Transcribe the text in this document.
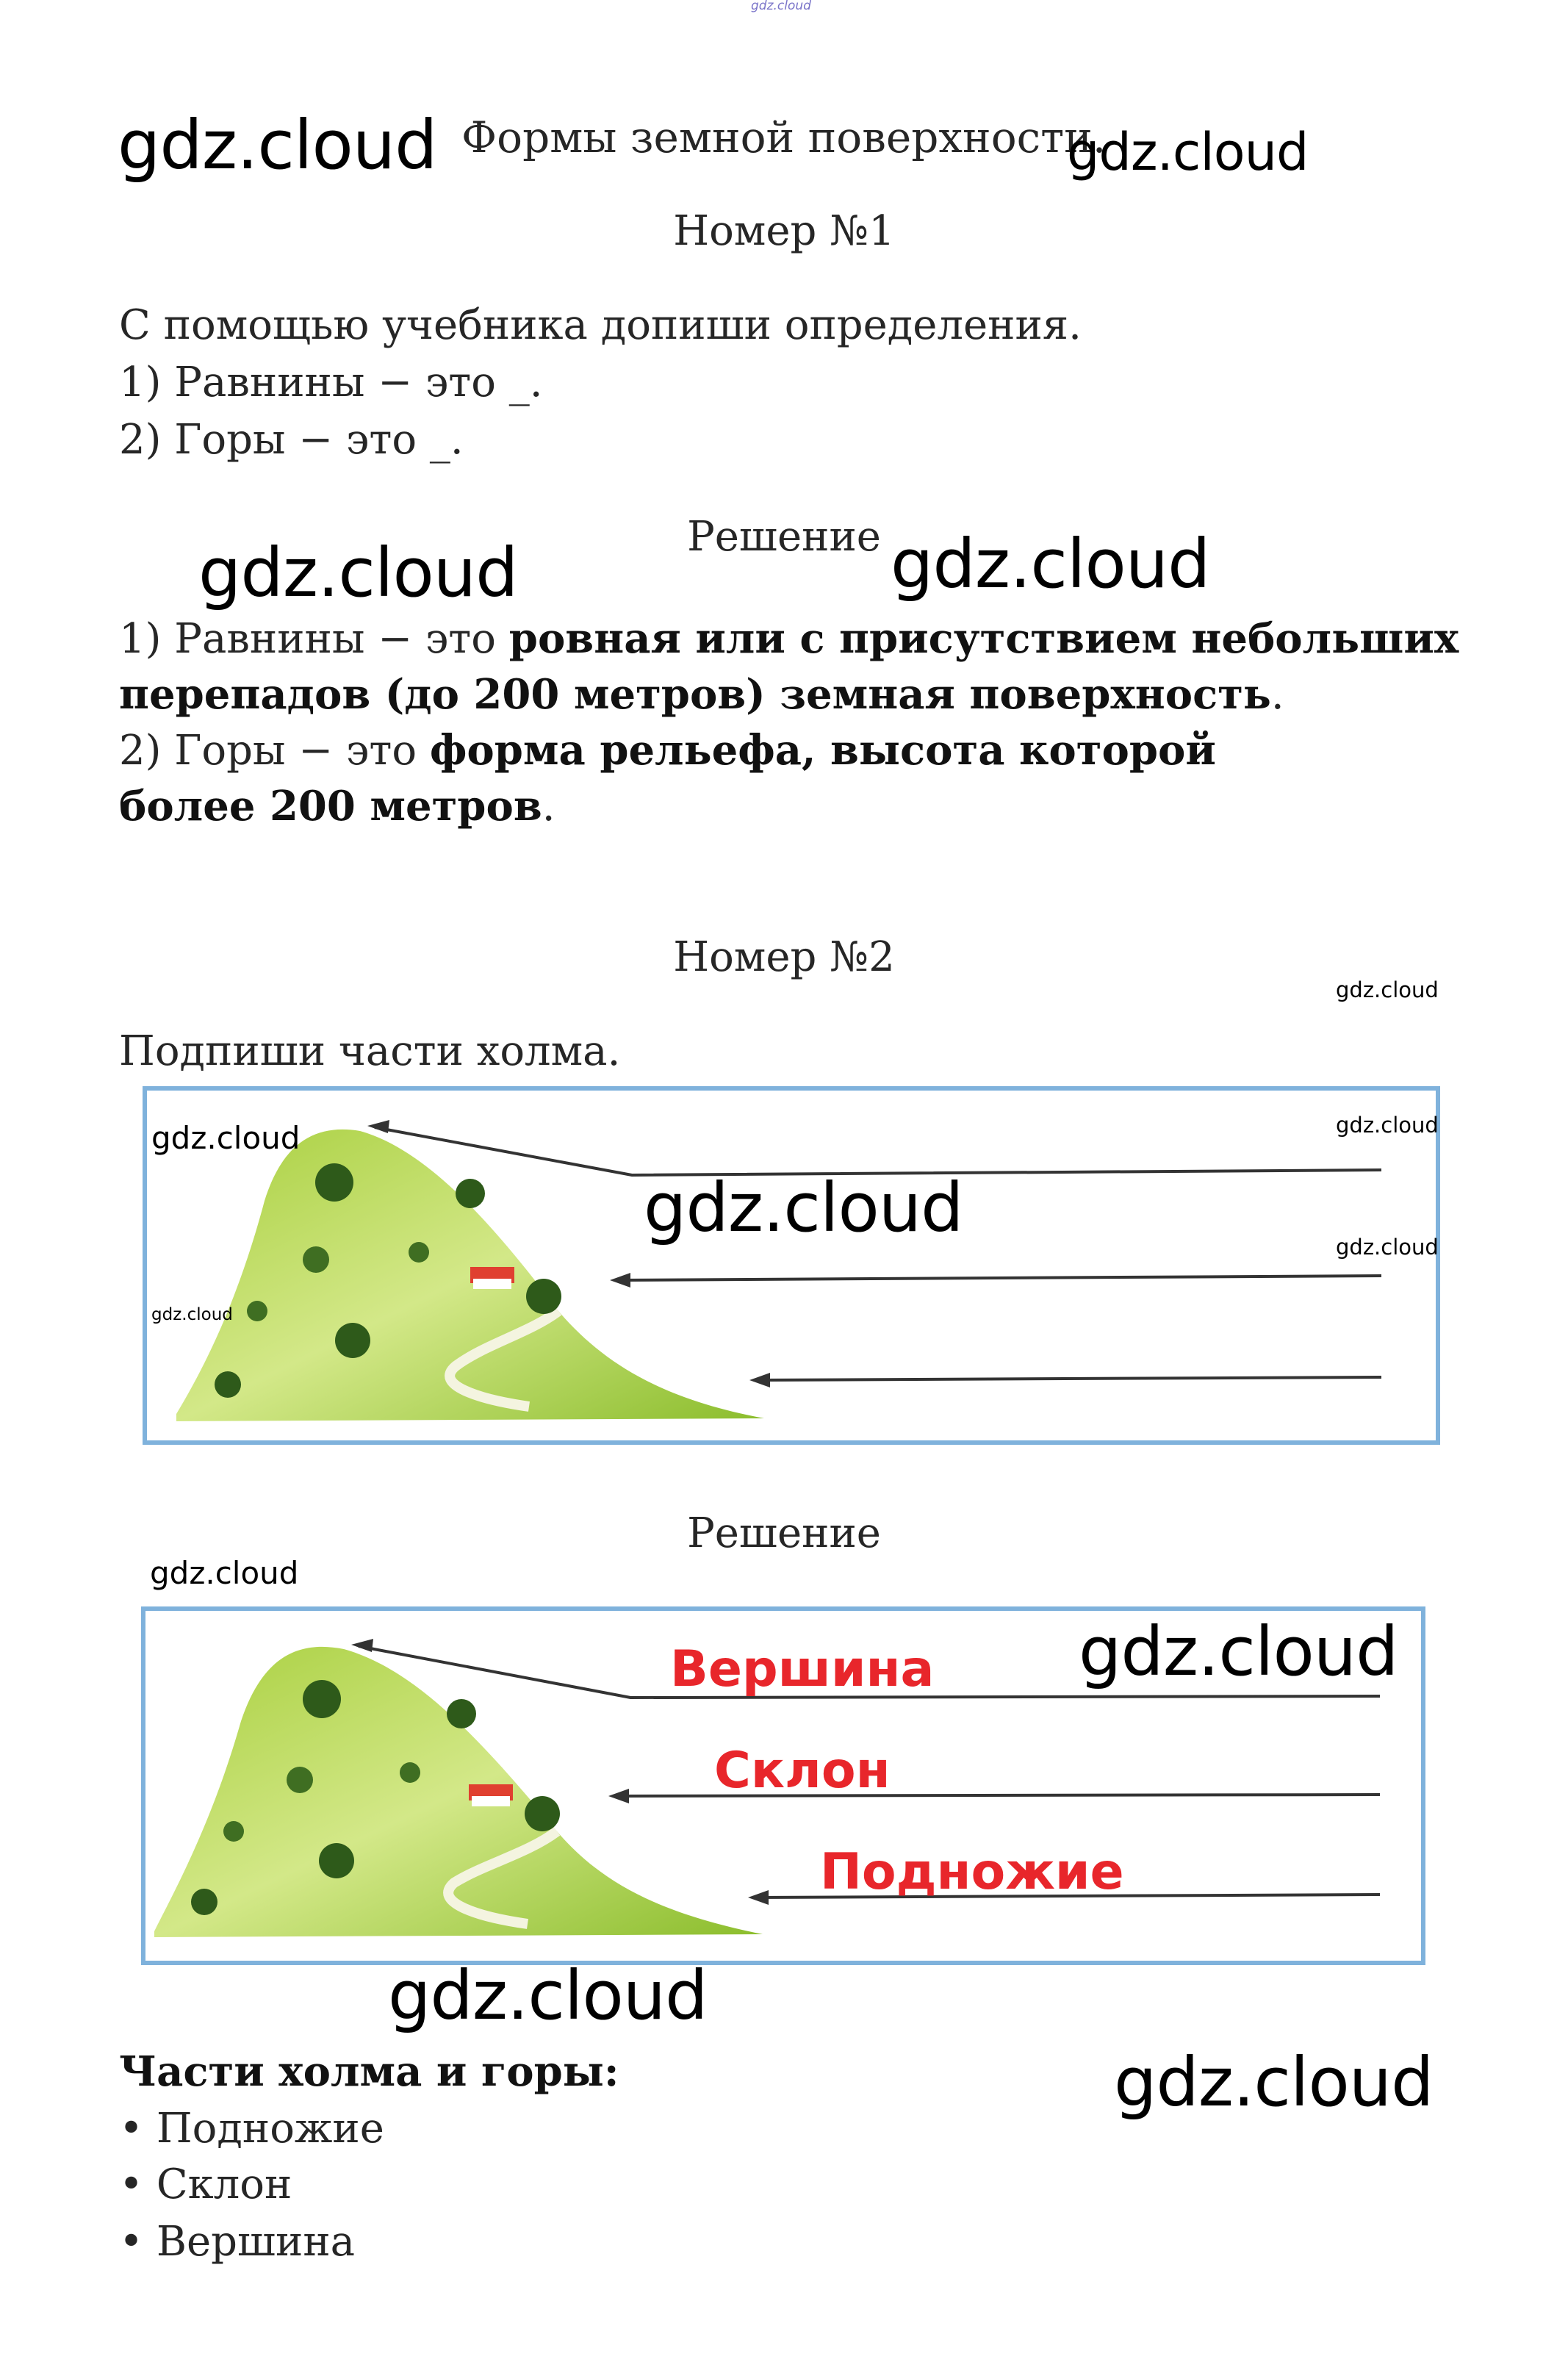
gdz.cloud
gdz.cloud Формы земной поверхности.
gdz.cloud
Номер №1
С помощью учебника допиши определения.
1) Равнины − это _.
2) Горы − это _.
Решение
gdz.cloud	gdz.cloud
1) Равнины − это ровная или с присутствием небольших
перепадов (до 200 метров) земная поверхность.
2) Горы − это форма рельефа, высота которой
более 200 метров.
Номер №2
gdz.cloud
Подпиши части холма.
gdz.cloud
gdz.cloud
gdz.cloud
gdz.cloud
gdz.cloud
Решение
gdz.cloud
Вершина
Склон
Подножие
gdz.cloud
gdz.cloud
Части холма и горы:
• Подножие
• Склон
• Вершина
gdz.cloud
